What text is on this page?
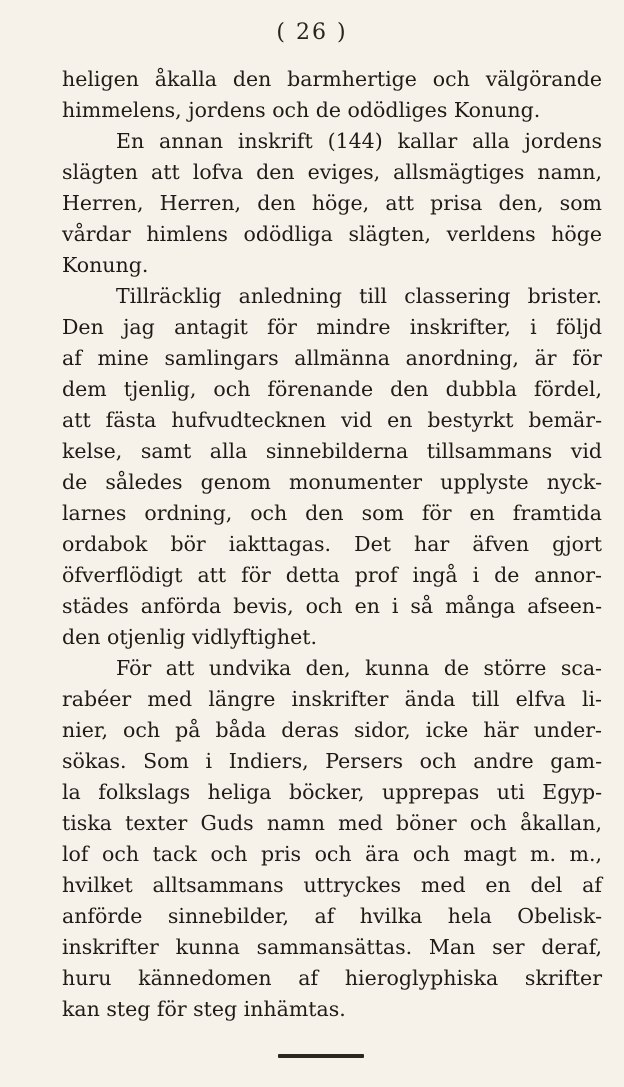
( 26 )
heligen åkalla den barmhertige och välgörande
himmelens, jordens och de odödliges Konung.
En annan inskrift (144) kallar alla jordens
slägten att lofva den eviges, allsmägtiges namn,
Herren, Herren, den höge, att prisa den, som
vårdar himlens odödliga slägten, verldens höge
Konung.
Tillräcklig anledning till classering brister.
Den jag antagit för mindre inskrifter, i följd
af mine samlingars allmänna anordning, är för
dem tjenlig, och förenande den dubbla fördel,
att fästa hufvudtecknen vid en bestyrkt bemär-
kelse, samt alla sinnebilderna tillsammans vid
de således genom monumenter upplyste nyck-
larnes ordning, och den som för en framtida
ordabok bör iakttagas. Det har äfven gjort
öfverflödigt att för detta prof ingå i de annor-
städes anförda bevis, och en i så många afseen-
den otjenlig vidlyftighet.
För att undvika den, kunna de större sca-
rabéer med längre inskrifter ända till elfva li-
nier, och på båda deras sidor, icke här under-
sökas. Som i Indiers, Persers och andre gam-
la folkslags heliga böcker, upprepas uti Egyp-
tiska texter Guds namn med böner och åkallan,
lof och tack och pris och ära och magt m. m.,
hvilket alltsammans uttryckes med en del af
anförde sinnebilder, af hvilka hela Obelisk-
inskrifter kunna sammansättas. Man ser deraf,
huru kännedomen af hieroglyphiska skrifter
kan steg för steg inhämtas.
